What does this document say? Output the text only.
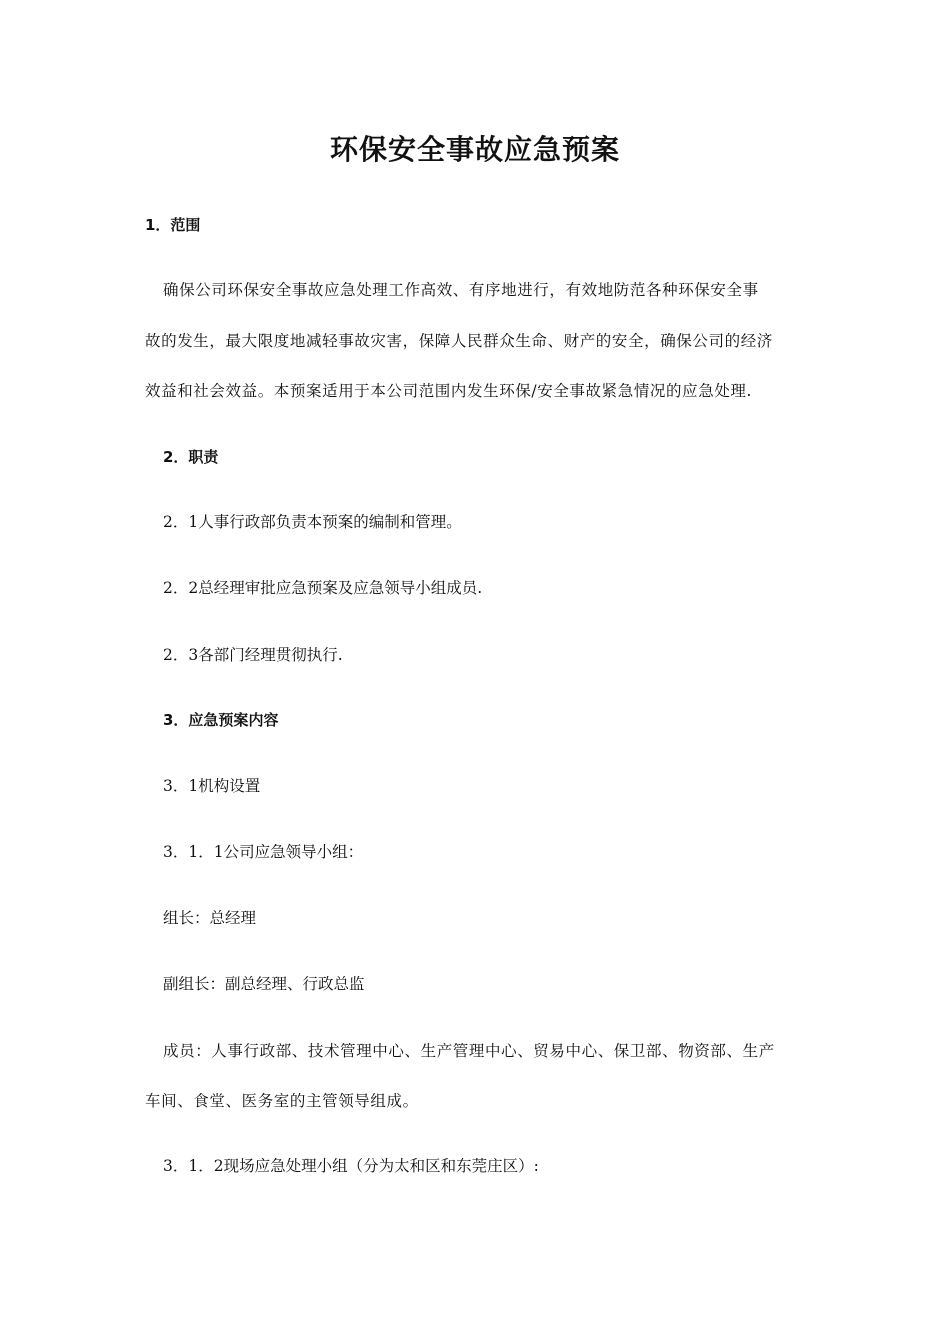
环保安全事故应急预案
1．范围
确保公司环保安全事故应急处理工作高效、有序地进行，有效地防范各种环保安全事
故的发生，最大限度地减轻事故灾害，保障人民群众生命、财产的安全，确保公司的经济
效益和社会效益。本预案适用于本公司范围内发生环保/安全事故紧急情况的应急处理.
2．职责
2．1人事行政部负责本预案的编制和管理。
2．2总经理审批应急预案及应急领导小组成员.
2．3各部门经理贯彻执行.
3．应急预案内容
3．1机构设置
3．1．1公司应急领导小组：
组长：总经理
副组长：副总经理、行政总监
成员：人事行政部、技术管理中心、生产管理中心、贸易中心、保卫部、物资部、生产
车间、食堂、医务室的主管领导组成。
3．1．2现场应急处理小组（分为太和区和东莞庄区）:
